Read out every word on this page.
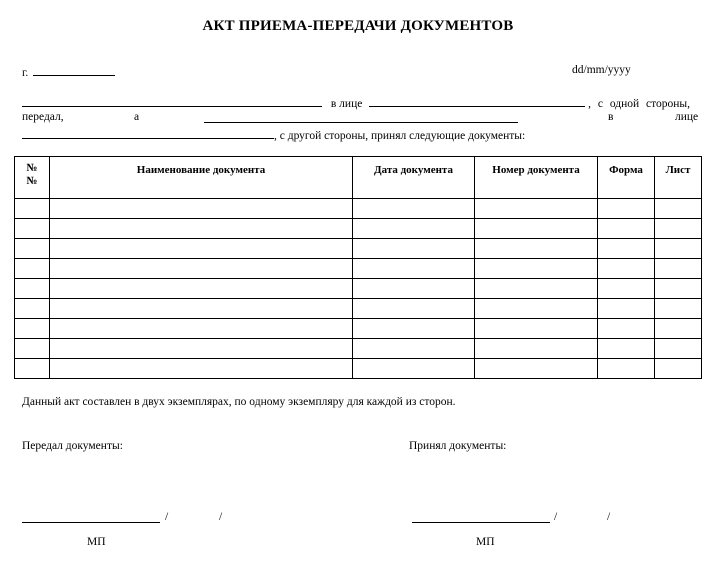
АКТ ПРИЕМА-ПЕРЕДАЧИ ДОКУМЕНТОВ
г.	dd/mm/yyyy
в лице	, с одной стороны,
передал,	а	в	лице
, с другой стороны, принял следующие документы:
№ №	Наименование документа	Дата документа	Номер документа	Форма	Лист

Данный акт составлен в двух экземплярах, по одному экземпляру для каждой из сторон.
Передал документы:	Принял документы:
/	/
МП
/	/
МП
